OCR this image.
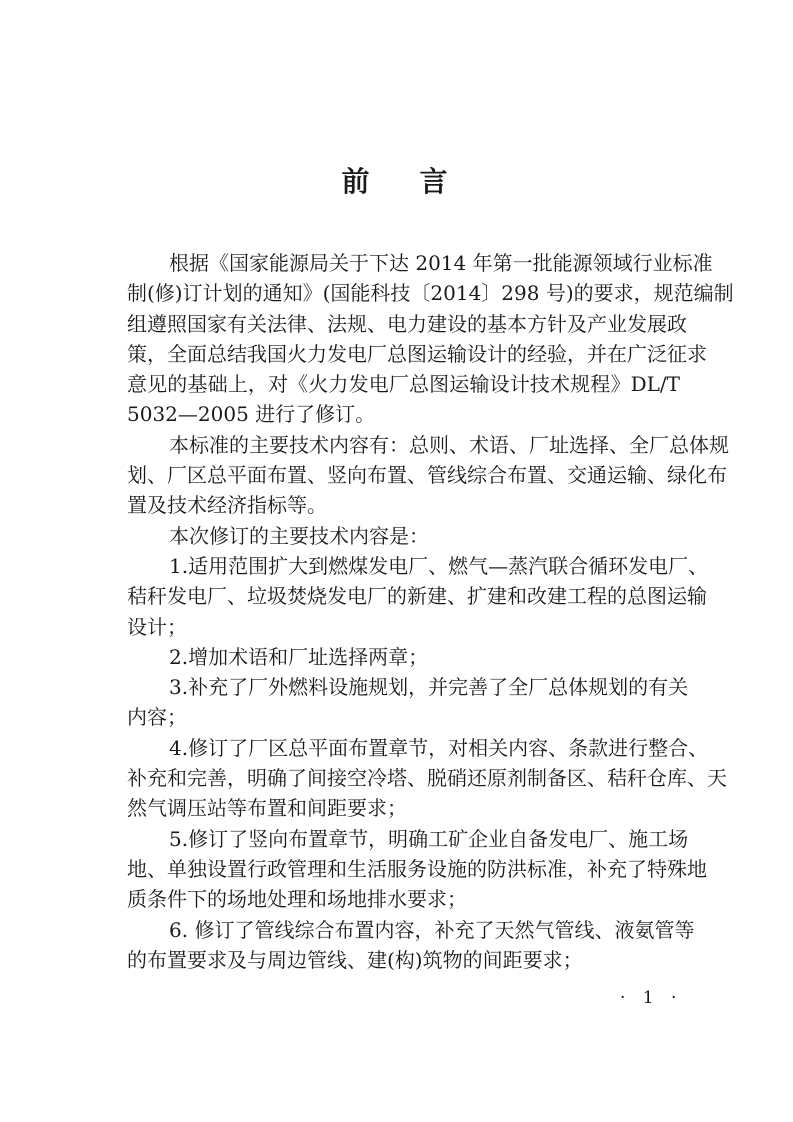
前 言
根据《国家能源局关于下达 2014 年第一批能源领域行业标准
制(修)订计划的通知》(国能科技〔2014〕298 号)的要求，规范编制
组遵照国家有关法律、法规、电力建设的基本方针及产业发展政
策，全面总结我国火力发电厂总图运输设计的经验，并在广泛征求
意见的基础上，对《火力发电厂总图运输设计技术规程》DL/T
5032—2005 进行了修订。
本标准的主要技术内容有：总则、术语、厂址选择、全厂总体规
划、厂区总平面布置、竖向布置、管线综合布置、交通运输、绿化布
置及技术经济指标等。
本次修订的主要技术内容是：
1.适用范围扩大到燃煤发电厂、燃气—蒸汽联合循环发电厂、
秸秆发电厂、垃圾焚烧发电厂的新建、扩建和改建工程的总图运输
设计；
2.增加术语和厂址选择两章；
3.补充了厂外燃料设施规划，并完善了全厂总体规划的有关
内容；
4.修订了厂区总平面布置章节，对相关内容、条款进行整合、
补充和完善，明确了间接空冷塔、脱硝还原剂制备区、秸秆仓库、天
然气调压站等布置和间距要求；
5.修订了竖向布置章节，明确工矿企业自备发电厂、施工场
地、单独设置行政管理和生活服务设施的防洪标准，补充了特殊地
质条件下的场地处理和场地排水要求；
6. 修订了管线综合布置内容，补充了天然气管线、液氨管等
的布置要求及与周边管线、建(构)筑物的间距要求；
· 1 ·
